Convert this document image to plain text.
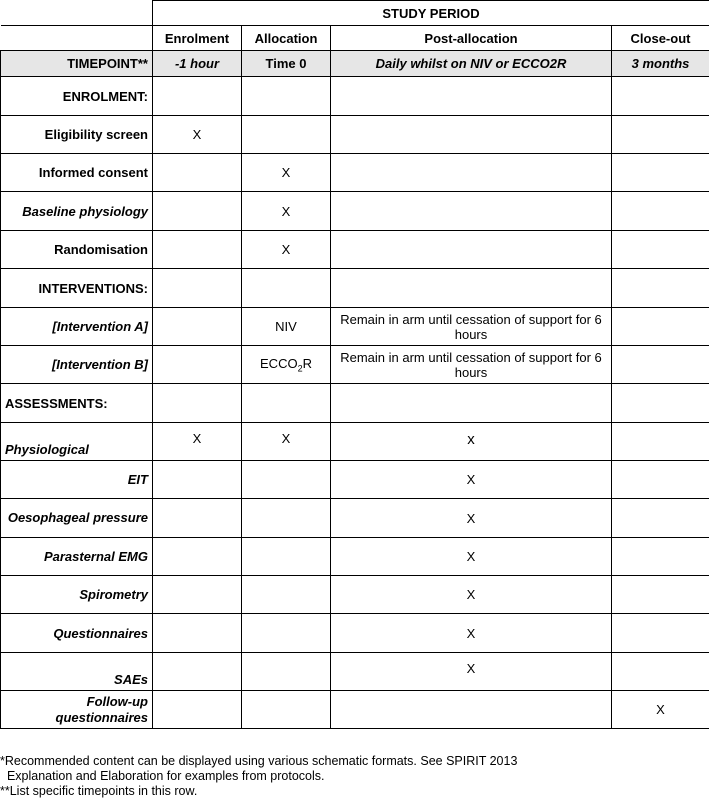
	STUDY PERIOD			
	Enrolment	Allocation	Post-allocation	Close-out
TIMEPOINT**	-1 hour	Time 0	Daily whilst on NIV or ECCO2R	3 months
ENROLMENT:				
Eligibility screen	X			
Informed consent		X		
Baseline physiology		X		
Randomisation		X		
INTERVENTIONS:				
[Intervention A]		NIV	Remain in arm until cessation of support for 6 hours	
[Intervention B]		$ECCO_2R$	Remain in arm until cessation of support for 6 hours	
ASSESSMENTS:				
Physiological	X	X	x	
EIT			X	
Oesophageal pressure			X	
Parasternal EMG			X	
Spirometry			X	
Questionnaires			X	
SAEs			X	
Follow-up questionnaires				X
*Recommended content can be displayed using various schematic formats. See SPIRIT 2013
Explanation and Elaboration for examples from protocols.
**List specific timepoints in this row.
